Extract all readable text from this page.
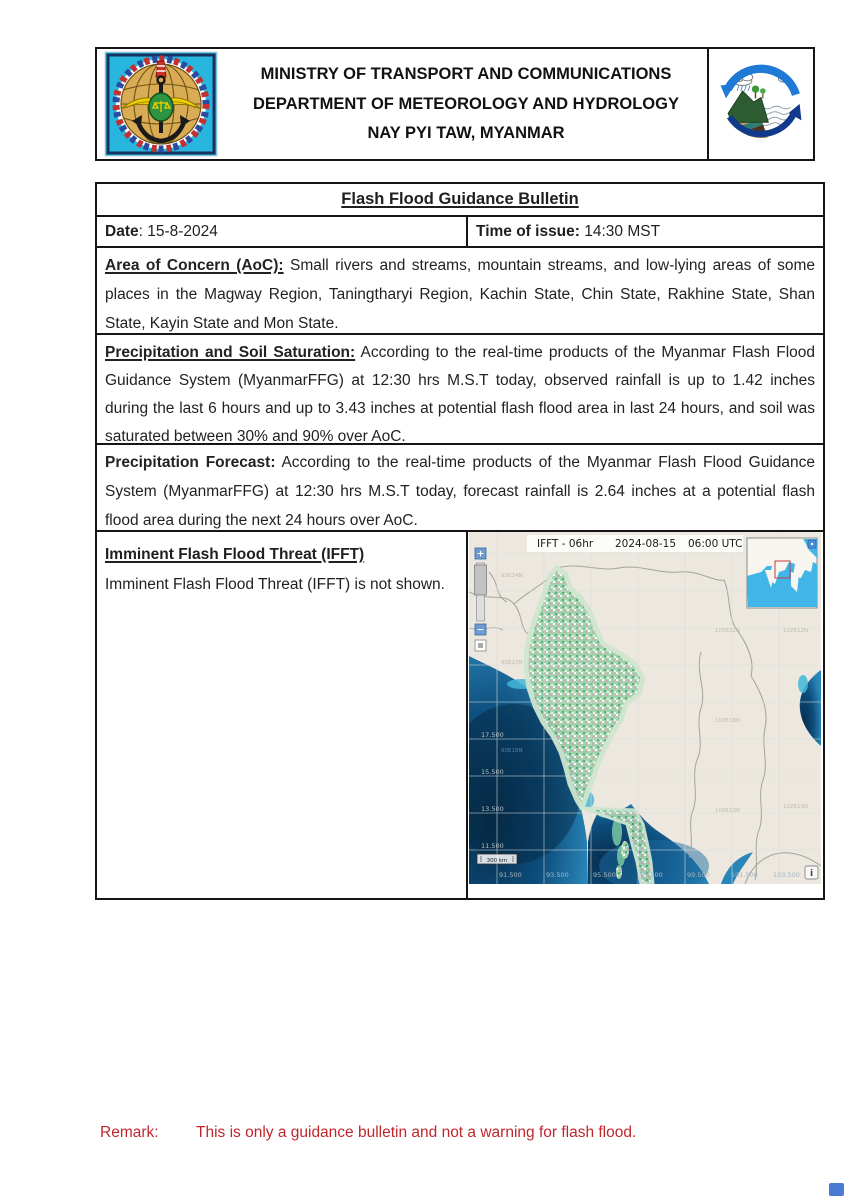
MINISTRY OF TRANSPORT AND COMMUNICATIONS
DEPARTMENT OF METEOROLOGY AND HYDROLOGY
NAY PYI TAW, MYANMAR
Flash Flood Guidance Bulletin
Date: 15-8-2024	Time of issue: 14:30 MST
Area of Concern (AoC): Small rivers and streams, mountain streams, and low-lying areas of some places in the Magway Region, Taningtharyi Region, Kachin State, Chin State, Rakhine State, Shan State, Kayin State and Mon State.
Precipitation and Soil Saturation: According to the real-time products of the Myanmar Flash Flood Guidance System (MyanmarFFG) at 12:30 hrs M.S.T today, observed rainfall is up to 1.42 inches during the last 6 hours and up to 3.43 inches at potential flash flood area in last 24 hours, and soil was saturated between 30% and 90% over AoC.
Precipitation Forecast: According to the real-time products of the Myanmar Flash Flood Guidance System (MyanmarFFG) at 12:30 hrs M.S.T today, forecast rainfall is 2.64 inches at a potential flash flood area during the next 24 hours over AoC.
Imminent Flash Flood Threat (IFFT)
Imminent Flash Flood Threat (IFFT) is not shown.	90E24N
90E22N
90E18N
100E22N
100E18N
102E22N
102E13N
100E13N
17.500
15.500
13.500
11.500
91.500	93.500	95.500	97.500	99.500	101.500 103.500
IFFT - 06hr 2024-08-15 06:00 UTC
+
−
300 km
i
Remark:	This is only a guidance bulletin and not a warning for flash flood.
